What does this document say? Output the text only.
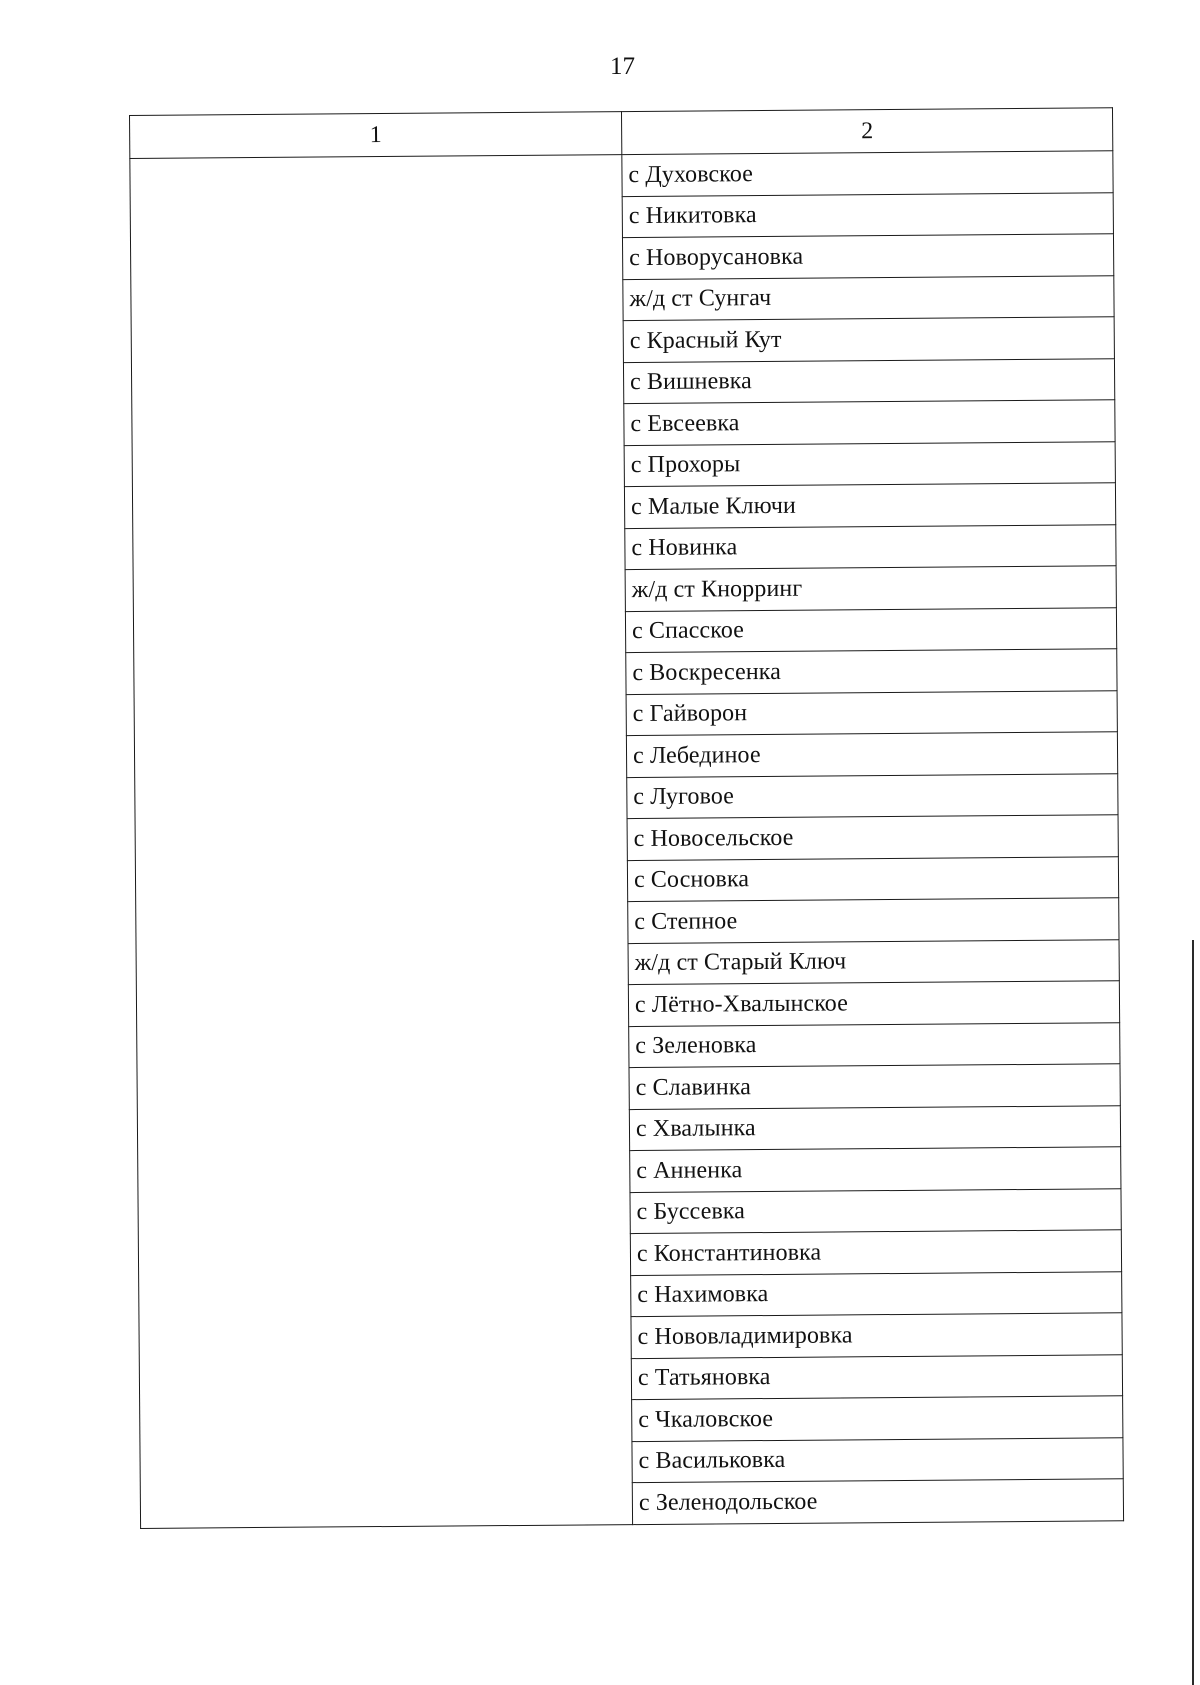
17
1	2
	с Духовское
	с Никитовка
	с Новорусановка
	ж/д ст Сунгач
	с Красный Кут
	с Вишневка
	с Евсеевка
	с Прохоры
	с Малые Ключи
	с Новинка
	ж/д ст Кнорринг
	с Спасское
	с Воскресенка
	с Гайворон
	с Лебединое
	с Луговое
	с Новосельское
	с Сосновка
	с Степное
	ж/д ст Старый Ключ
	с Лётно-Хвалынское
	с Зеленовка
	с Славинка
	с Хвалынка
	с Анненка
	с Буссевка
	с Константиновка
	с Нахимовка
	с Нововладимировка
	с Татьяновка
	с Чкаловское
	с Васильковка
	с Зеленодольское
